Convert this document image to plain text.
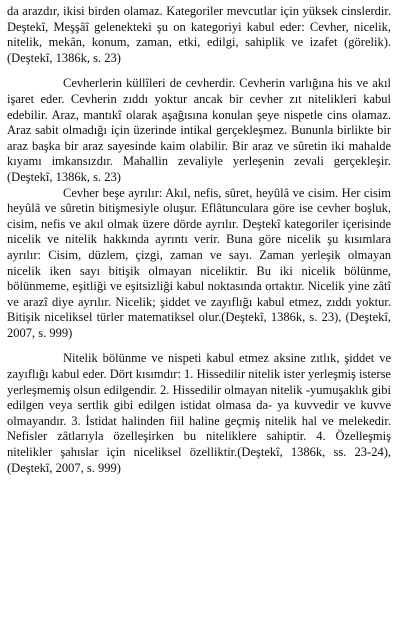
da arazdır, ikisi birden olamaz. Kategoriler mevcutlar için yüksek cinslerdir. Deştekî, Meşşâî gelenekteki şu on kategoriyi kabul eder: Cevher, nicelik, nitelik, mekân, konum, zaman, etki, edilgi, sahiplik ve izafet (görelik).(Deştekî, 1386k, s. 23)

Cevherlerin küllîleri de cevherdir. Cevherin varlığına his ve akıl işaret eder. Cevherin zıddı yoktur ancak bir cevher zıt nitelikleri kabul edebilir. Araz, mantıkî olarak aşağısına konulan şeye nispetle cins olamaz. Araz sabit olmadığı için üzerinde intikal gerçekleşmez. Bununla birlikte bir araz başka bir araz sayesinde kaim olabilir. Bir araz ve sûretin iki mahalde kıyamı imkansızdır. Mahallin zevaliyle yerleşenin zevali gerçekleşir.(Deştekî, 1386k, s. 23)

Cevher beşe ayrılır: Akıl, nefis, sûret, heyûlâ ve cisim. Her cisim heyûlâ ve sûretin bitişmesiyle oluşur. Eflâtunculara göre ise cevher boşluk, cisim, nefis ve akıl olmak üzere dörde ayrılır. Deştekî kategoriler içerisinde nicelik ve nitelik hakkında ayrıntı verir. Buna göre nicelik şu kısımlara ayrılır: Cisim, düzlem, çizgi, zaman ve sayı. Zaman yerleşik olmayan nicelik iken sayı bitişik olmayan niceliktir. Bu iki nicelik bölünme, bölünmeme, eşitliği ve eşitsizliği kabul noktasında ortaktır. Nicelik yine zâtî ve arazî diye ayrılır. Nicelik; şiddet ve zayıflığı kabul etmez, zıddı yoktur. Bitişik niceliksel türler matematiksel olur.(Deştekî, 1386k, s. 23), (Deştekî, 2007, s. 999)

Nitelik bölünme ve nispeti kabul etmez aksine zıtlık, şiddet ve zayıflığı kabul eder. Dört kısımdır: 1. Hissedilir nitelik ister yerleşmiş isterse yerleşmemiş olsun edilgendir. 2. Hissedilir olmayan nitelik -yumuşaklık gibi edilgen veya sertlik gibi edilgen istidat olmasa da- ya kuvvedir ve kuvve olmayandır. 3. İstidat halinden fiil haline geçmiş nitelik hal ve melekedir. Nefisler zâtlarıyla özelleşirken bu niteliklere sahiptir. 4. Özelleşmiş nitelikler şahıslar için niceliksel özelliktir.(Deştekî, 1386k, ss. 23-24), (Deştekî, 2007, s. 999)
